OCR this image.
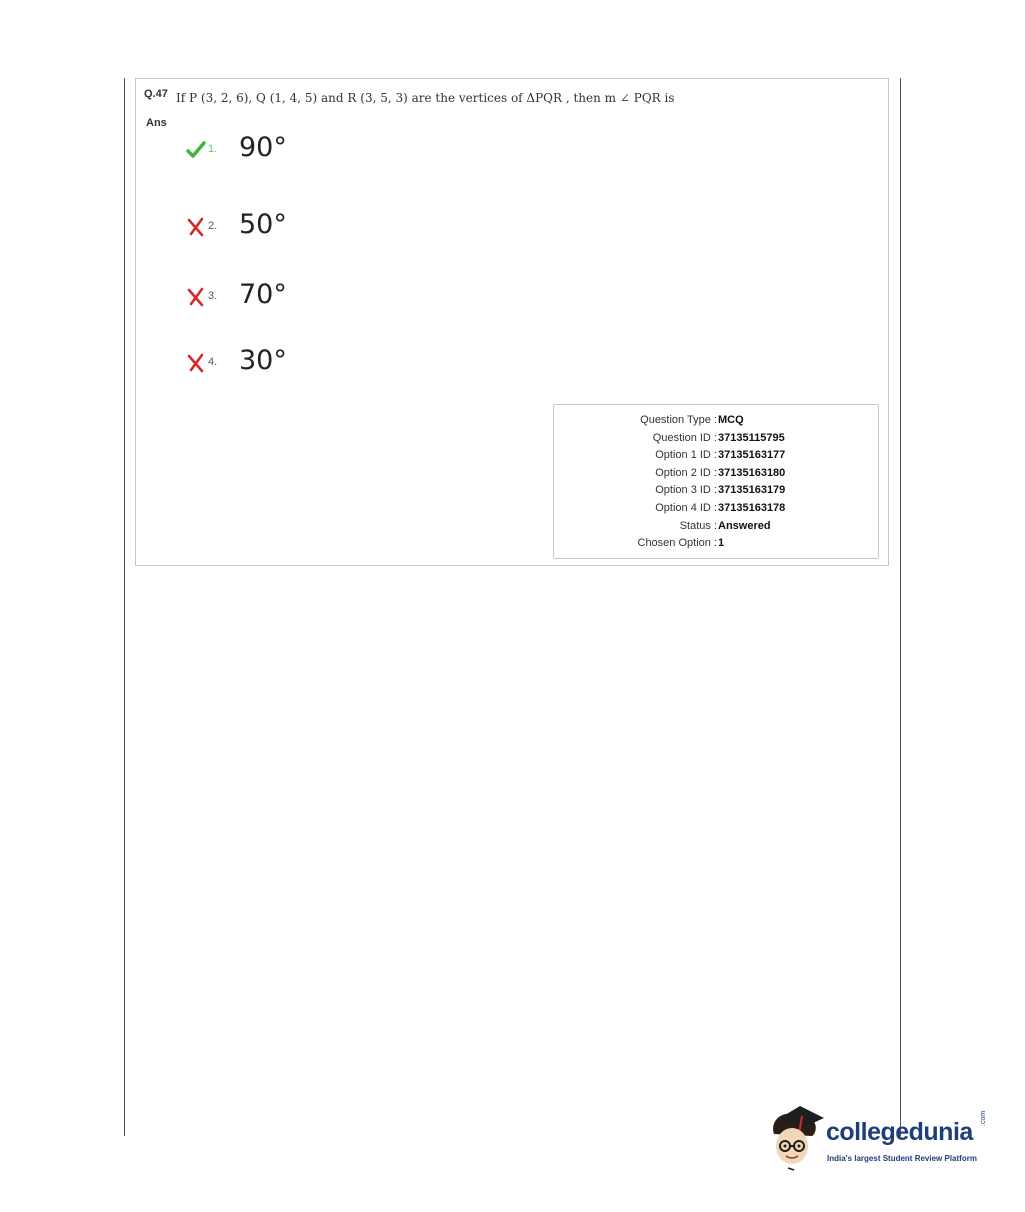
Q.47 If P (3, 2, 6), Q (1, 4, 5) and R (3, 5, 3) are the vertices of ΔPQR , then m ∠ PQR is
Ans
1. 90°
2. 50°
3. 70°
4. 30°
Question Type : MCQ
Question ID : 37135115795
Option 1 ID : 37135163177
Option 2 ID : 37135163180
Option 3 ID : 37135163179
Option 4 ID : 37135163178
Status : Answered
Chosen Option : 1
collegedunia .com
India's largest Student Review Platform
